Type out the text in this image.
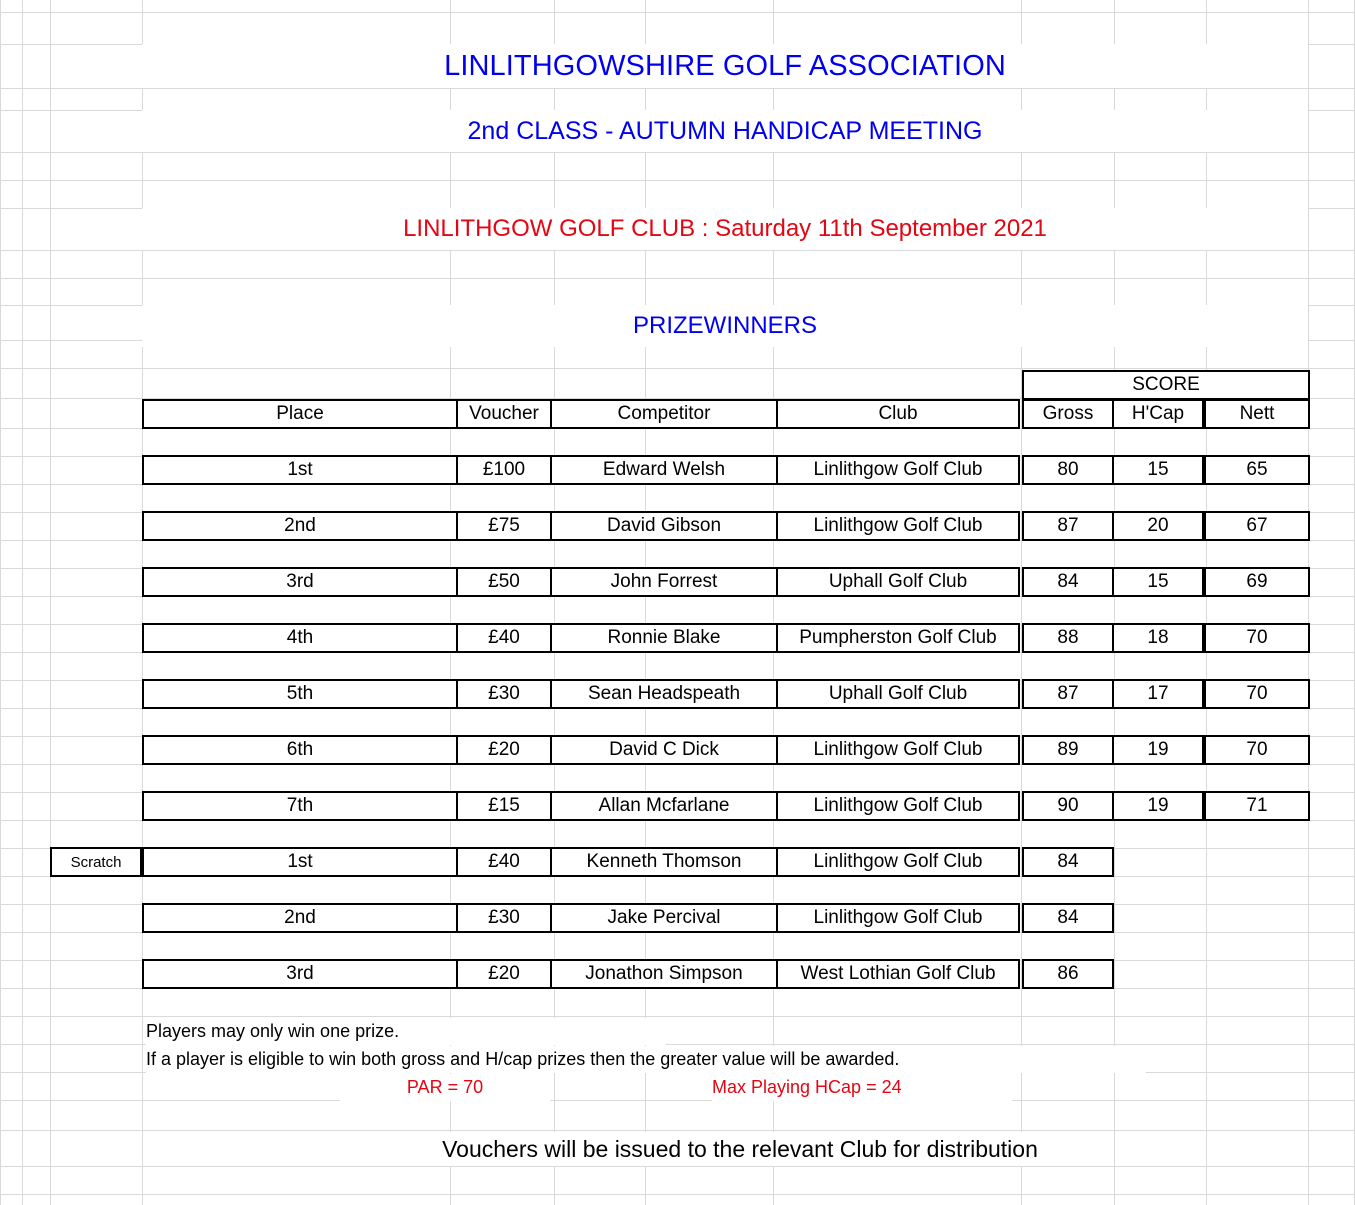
LINLITHGOWSHIRE GOLF ASSOCIATION
2nd CLASS - AUTUMN HANDICAP MEETING
LINLITHGOW GOLF CLUB : Saturday 11th September 2021
PRIZEWINNERS
SCORE
Place	Voucher	Competitor	Club	Gross	H'Cap	Nett
1st	£100	Edward Welsh	Linlithgow Golf Club	80	15	65
2nd	£75	David Gibson	Linlithgow Golf Club	87	20	67
3rd	£50	John Forrest	Uphall Golf Club	84	15	69
4th	£40	Ronnie Blake	Pumpherston Golf Club	88	18	70
5th	£30	Sean Headspeath	Uphall Golf Club	87	17	70
6th	£20	David C Dick	Linlithgow Golf Club	89	19	70
7th	£15	Allan Mcfarlane	Linlithgow Golf Club	90	19	71
Scratch	1st	£40	Kenneth Thomson	Linlithgow Golf Club	84
2nd	£30	Jake Percival	Linlithgow Golf Club	84
3rd	£20	Jonathon Simpson	West Lothian Golf Club	86
Players may only win one prize.
If a player is eligible to win both gross and H/cap prizes then the greater value will be awarded.
PAR = 70	Max Playing HCap = 24
Vouchers will be issued to the relevant Club for distribution
